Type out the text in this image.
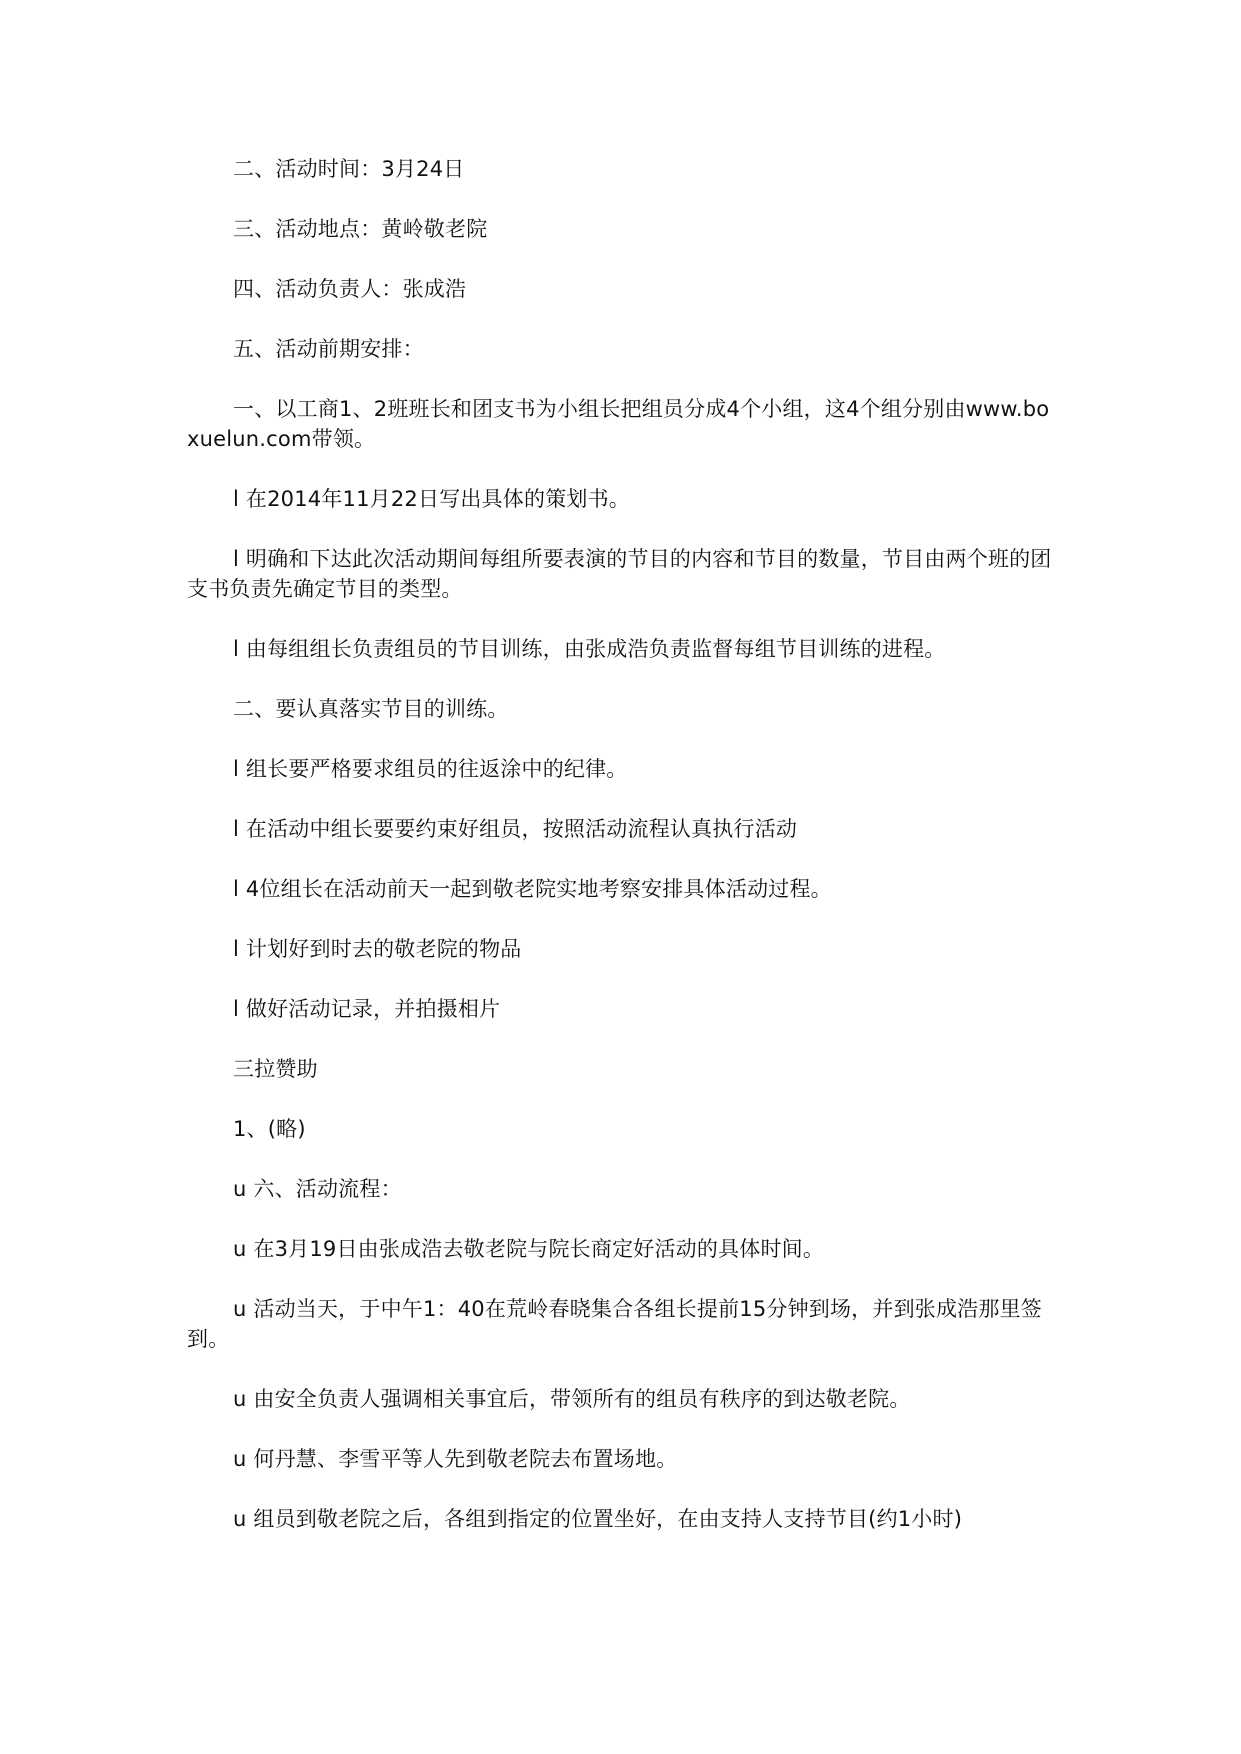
二、活动时间：3月24日

三、活动地点：黄岭敬老院

四、活动负责人：张成浩

五、活动前期安排：

一、以工商1、2班班长和团支书为小组长把组员分成4个小组，这4个组分别由www.boxuelun.com带领。

l 在2014年11月22日写出具体的策划书。

l 明确和下达此次活动期间每组所要表演的节目的内容和节目的数量，节目由两个班的团支书负责先确定节目的类型。

l 由每组组长负责组员的节目训练，由张成浩负责监督每组节目训练的进程。

二、要认真落实节目的训练。

l 组长要严格要求组员的往返涂中的纪律。

l 在活动中组长要要约束好组员，按照活动流程认真执行活动

l 4位组长在活动前天一起到敬老院实地考察安排具体活动过程。

l 计划好到时去的敬老院的物品

l 做好活动记录，并拍摄相片

三拉赞助

1、(略)

u 六、活动流程：

u 在3月19日由张成浩去敬老院与院长商定好活动的具体时间。

u 活动当天，于中午1：40在荒岭春晓集合各组长提前15分钟到场，并到张成浩那里签到。

u 由安全负责人强调相关事宜后，带领所有的组员有秩序的到达敬老院。

u 何丹慧、李雪平等人先到敬老院去布置场地。

u 组员到敬老院之后，各组到指定的位置坐好，在由支持人支持节目(约1小时)
